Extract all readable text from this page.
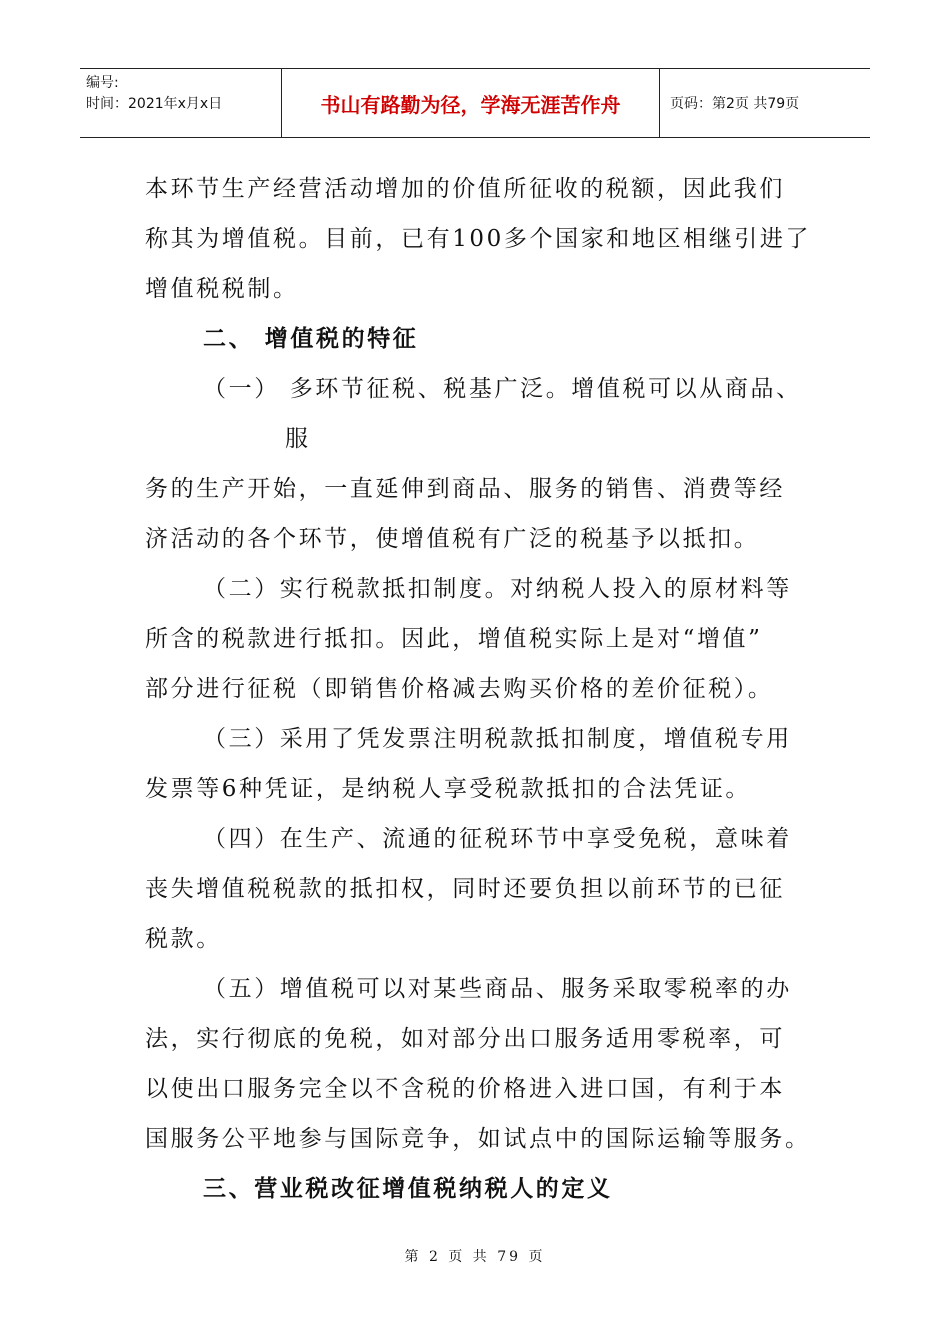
编号:
时间：2021年x月x日	书山有路勤为径，学海无涯苦作舟	页码：第2页 共79页
本环节生产经营活动增加的价值所征收的税额，因此我们
称其为增值税。目前，已有100多个国家和地区相继引进了
增值税税制。
二、 增值税的特征
（一） 多环节征税、税基广泛。增值税可以从商品、
服
务的生产开始，一直延伸到商品、服务的销售、消费等经
济活动的各个环节，使增值税有广泛的税基予以抵扣。
（二）实行税款抵扣制度。对纳税人投入的原材料等
所含的税款进行抵扣。因此，增值税实际上是对“增值”
部分进行征税（即销售价格减去购买价格的差价征税）。
（三）采用了凭发票注明税款抵扣制度，增值税专用
发票等6种凭证，是纳税人享受税款抵扣的合法凭证。
（四）在生产、流通的征税环节中享受免税，意味着
丧失增值税税款的抵扣权，同时还要负担以前环节的已征
税款。
（五）增值税可以对某些商品、服务采取零税率的办
法，实行彻底的免税，如对部分出口服务适用零税率，可
以使出口服务完全以不含税的价格进入进口国，有利于本
国服务公平地参与国际竞争，如试点中的国际运输等服务。
三、营业税改征增值税纳税人的定义
第 2 页 共 79 页
